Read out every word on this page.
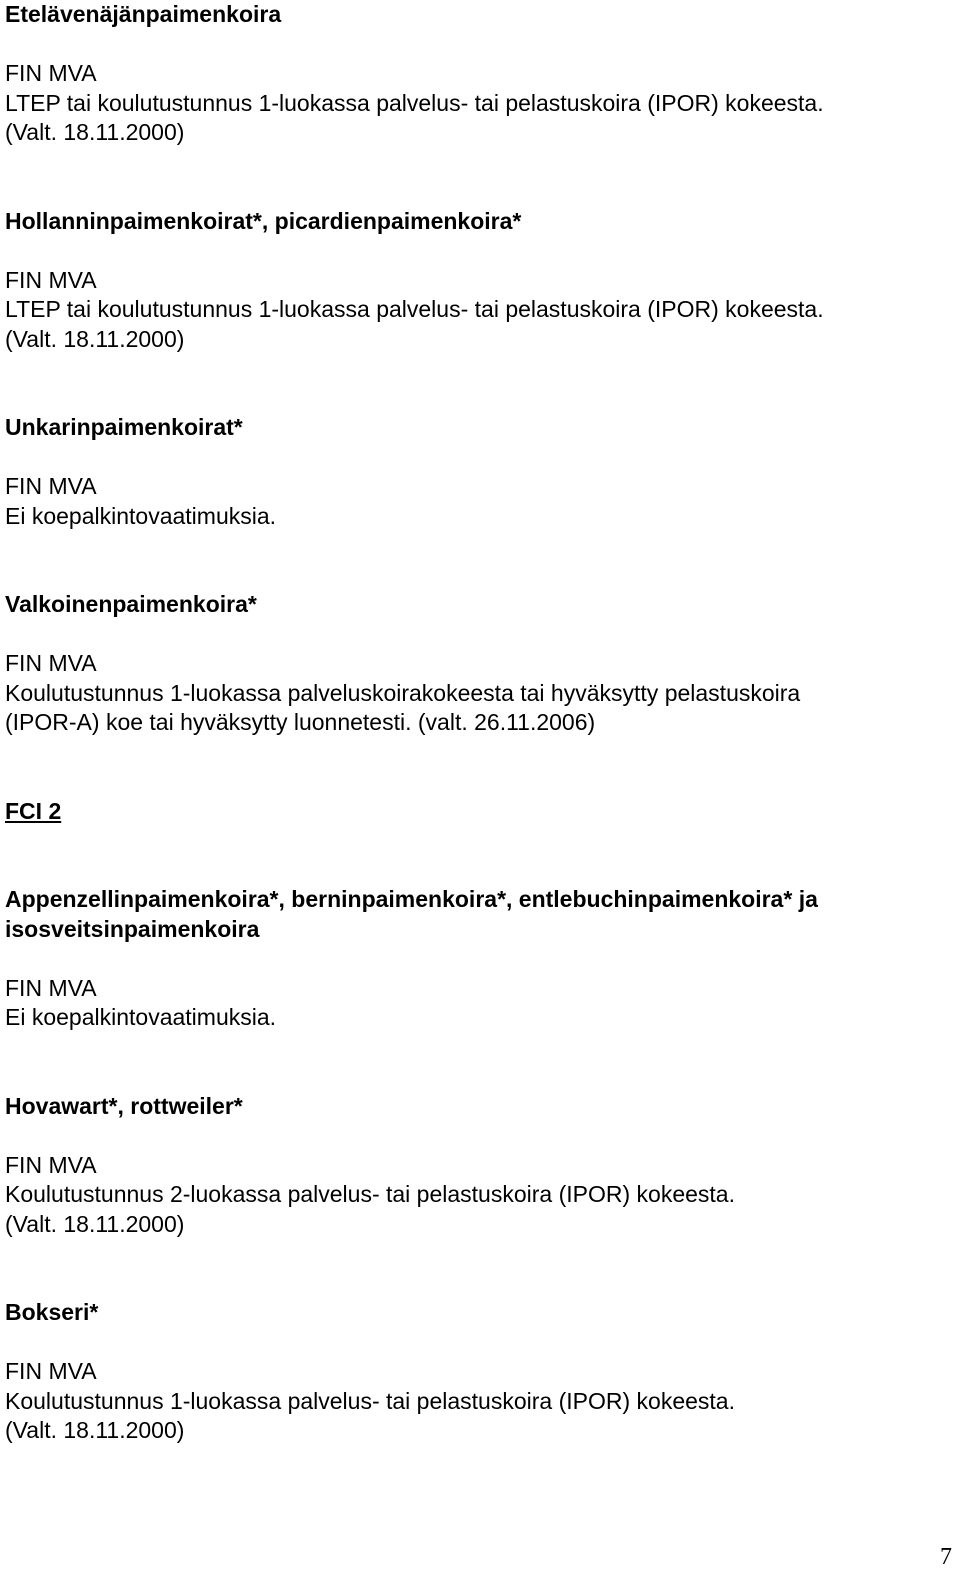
Etelävenäjänpaimenkoira

FIN MVA

LTEP tai koulutustunnus 1-luokassa palvelus- tai pelastuskoira (IPOR) kokeesta.

(Valt. 18.11.2000)

Hollanninpaimenkoirat*, picardienpaimenkoira*

FIN MVA

LTEP tai koulutustunnus 1-luokassa palvelus- tai pelastuskoira (IPOR) kokeesta.

(Valt. 18.11.2000)

Unkarinpaimenkoirat*

FIN MVA

Ei koepalkintovaatimuksia.

Valkoinenpaimenkoira*

FIN MVA

Koulutustunnus 1-luokassa palveluskoirakokeesta tai hyväksytty pelastuskoira

(IPOR-A) koe tai hyväksytty luonnetesti. (valt. 26.11.2006)

FCI 2

Appenzellinpaimenkoira*, berninpaimenkoira*, entlebuchinpaimenkoira* ja

isosveitsinpaimenkoira

FIN MVA

Ei koepalkintovaatimuksia.

Hovawart*, rottweiler*

FIN MVA

Koulutustunnus 2-luokassa palvelus- tai pelastuskoira (IPOR) kokeesta.

(Valt. 18.11.2000)

Bokseri*

FIN MVA

Koulutustunnus 1-luokassa palvelus- tai pelastuskoira (IPOR) kokeesta.

(Valt. 18.11.2000)

7
